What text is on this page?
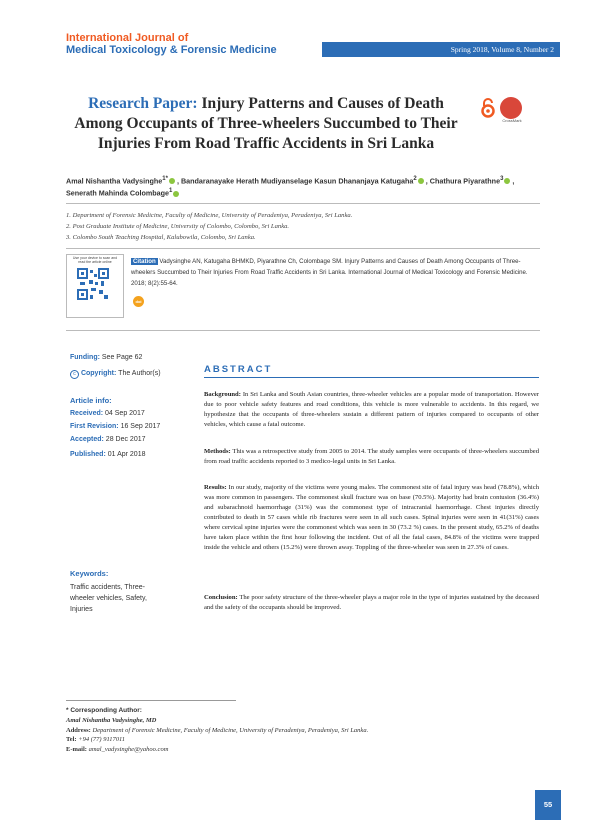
International Journal of
Medical Toxicology & Forensic Medicine	Spring 2018, Volume 8, Number 2
Research Paper: Injury Patterns and Causes of Death Among Occupants of Three-wheelers Succumbed to Their Injuries From Road Traffic Accidents in Sri Lanka
CrossMark
Amal Nishantha Vadysinghe$^{1*}$ , Bandaranayake Herath Mudiyanselage Kasun Dhananjaya Katugaha$^2$ , Chathura Piyarathne$^3$ , Senerath Mahinda Colombage$^1$
1. Department of Forensic Medicine, Faculty of Medicine, University of Peradeniya, Peradeniya, Sri Lanka.
2. Post Graduate Institute of Medicine, University of Colombo, Colombo, Sri Lanka.
3. Colombo South Teaching Hospital, Kalubowila, Colombo, Sri Lanka.
Use your device to scan and read the article online	Citation Vadysinghe AN, Katugaha BHMKD, Piyarathne Ch, Colombage SM. Injury Patterns and Causes of Death Among Occupants of Three-wheelers Succumbed to Their Injuries From Road Traffic Accidents in Sri Lanka. International Journal of Medical Toxicology and Forensic Medicine. 2018; 8(2):55-64.
doi
Funding: See Page 62
c Copyright: The Author(s)
Article info:
Received: 04 Sep 2017
First Revision: 16 Sep 2017
Accepted: 28 Dec 2017
Published: 01 Apr 2018
Keywords:
Traffic accidents, Three-wheeler vehicles, Safety, Injuries
ABSTRACT
Background: In Sri Lanka and South Asian countries, three-wheeler vehicles are a popular mode of transportation. However due to poor vehicle safety features and road conditions, this vehicle is more vulnerable to accidents. In this regard, we hypothesize that the occupants of three-wheelers sustain a different pattern of injuries compared to occupants of other vehicles, which cause a fatal outcome.
Methods: This was a retrospective study from 2005 to 2014. The study samples were occupants of three-wheelers succumbed from road traffic accidents reported to 3 medico-legal units in Sri Lanka.
Results: In our study, majority of the victims were young males. The commonest site of fatal injury was head (78.8%), which was more common in passengers. The commonest skull fracture was on base (70.5%). Majority had brain contusion (36.4%) and subarachnoid haemorrhage (31%) was the commonest type of intracranial haemorrhage. Chest injuries directly contributed to death in 57 cases while rib fractures were seen in all such cases. Spinal injuries were seen in 41(31%) cases where cervical spine injuries were the commonest which was seen in 30 (73.2 %) cases. In the present study, 65.2% of deaths have taken place within the first hour following the incident. Out of all the fatal cases, 84.8% of the victims were trapped inside the vehicle and others (15.2%) were thrown away. Toppling of the three-wheeler was seen in 27.3% of cases.
Conclusion: The poor safety structure of the three-wheeler plays a major role in the type of injuries sustained by the deceased and the safety of the occupants should be improved.
* Corresponding Author:
Amal Nishantha Vadysinghe, MD
Address: Department of Forensic Medicine, Faculty of Medicine, University of Peradeniya, Peradeniya, Sri Lanka.
Tel: +94 (77) 9117011
E-mail: amal_vadysinghe@yahoo.com
55
